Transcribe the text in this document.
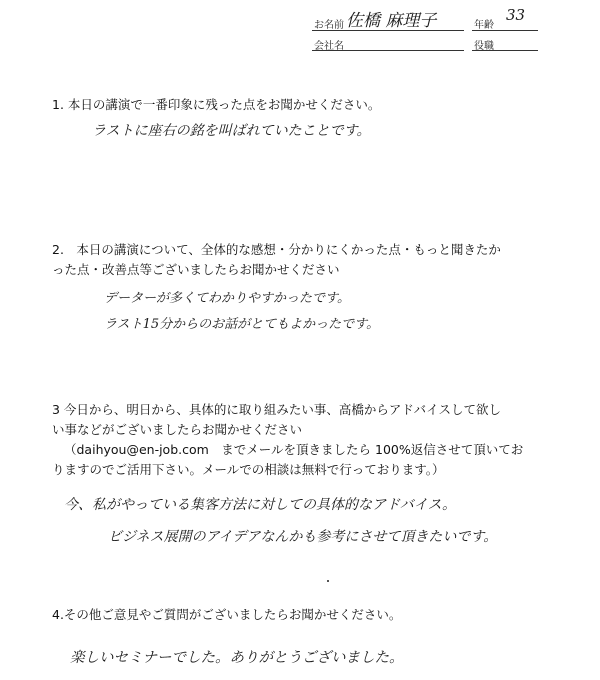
お名前 佐橋 麻理子	年齢
33
会社名	役職

1. 本日の講演で一番印象に残った点をお聞かせください。

ラストに座右の銘を叫ばれていたことです。

2.　本日の講演について、全体的な感想・分かりにくかった点・もっと聞きたか

った点・改善点等ございましたらお聞かせください

データーが多くてわかりやすかったです。
ラスト15分からのお話がとてもよかったです。

3 今日から、明日から、具体的に取り組みたい事、高橋からアドバイスして欲し

い事などがございましたらお聞かせください

（daihyou@en-job.com　までメールを頂きましたら 100%返信させて頂いてお

りますのでご活用下さい。メールでの相談は無料で行っております。）

今、私がやっている集客方法に対しての具体的なアドバイス。
ビジネス展開のアイデアなんかも参考にさせて頂きたいです。

4.その他ご意見やご質問がございましたらお聞かせください。

楽しいセミナーでした。ありがとうございました。
